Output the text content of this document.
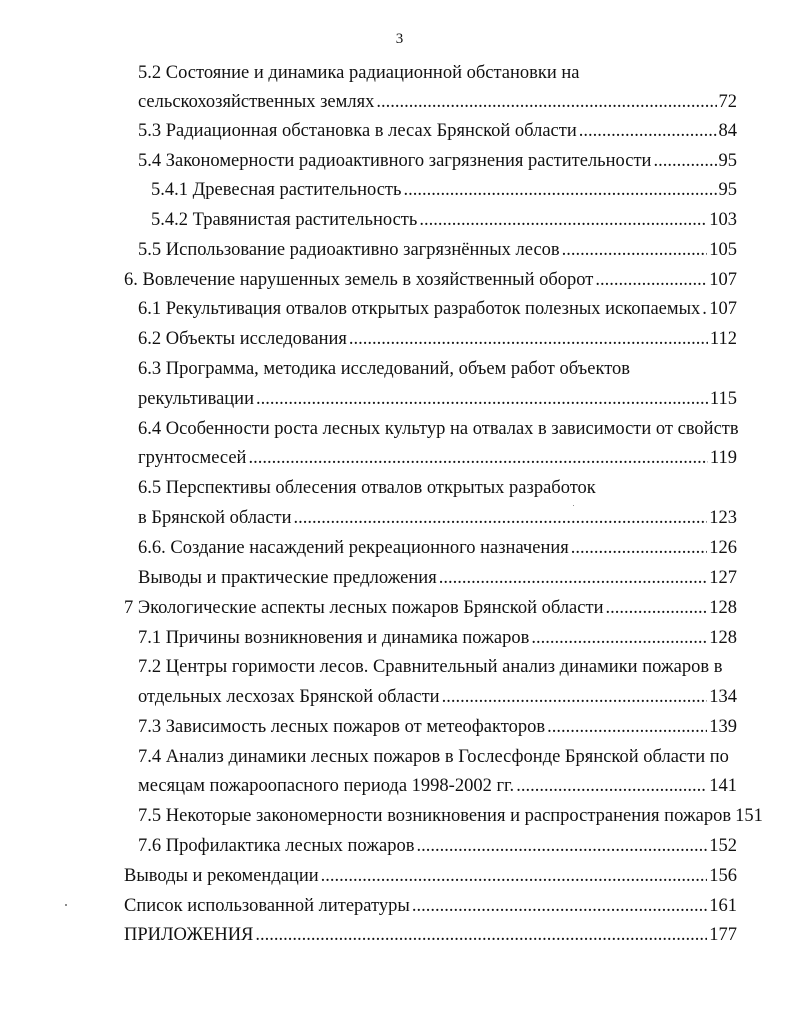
3
5.2 Состояние и динамика радиационной обстановки на
сельскохозяйственных землях .....	72
5.3 Радиационная обстановка в лесах Брянской области .....	84
5.4 Закономерности радиоактивного загрязнения растительности .....	95
5.4.1 Древесная растительность .....	95
5.4.2 Травянистая растительность .....	103
5.5 Использование радиоактивно загрязнённых лесов .....	105
6. Вовлечение нарушенных земель в хозяйственный оборот .....	107
6.1 Рекультивация отвалов открытых разработок полезных ископаемых ..... 107
6.2 Объекты исследования .....	112
6.3 Программа, методика исследований, объем работ объектов
рекультивации .....	115
6.4 Особенности роста лесных культур на отвалах в зависимости от свойств
грунтосмесей .....	119
6.5 Перспективы облесения отвалов открытых разработок
в Брянской области .....	123
6.6. Создание насаждений рекреационного назначения .....	126
Выводы и практические предложения .....	127
7 Экологические аспекты лесных пожаров Брянской области .....	128
7.1 Причины возникновения и динамика пожаров .....	128
7.2 Центры горимости лесов. Сравнительный анализ динамики пожаров в
отдельных лесхозах Брянской области .....	134
7.3 Зависимость лесных пожаров от метеофакторов .....	139
7.4 Анализ динамики лесных пожаров в Гослесфонде Брянской области по
месяцам пожароопасного периода 1998-2002 гг. .....	141
7.5 Некоторые закономерности возникновения и распространения пожаров 151
7.6 Профилактика лесных пожаров .....	152
Выводы и рекомендации .....	156
Список использованной литературы .....	161
ПРИЛОЖЕНИЯ .....	177
